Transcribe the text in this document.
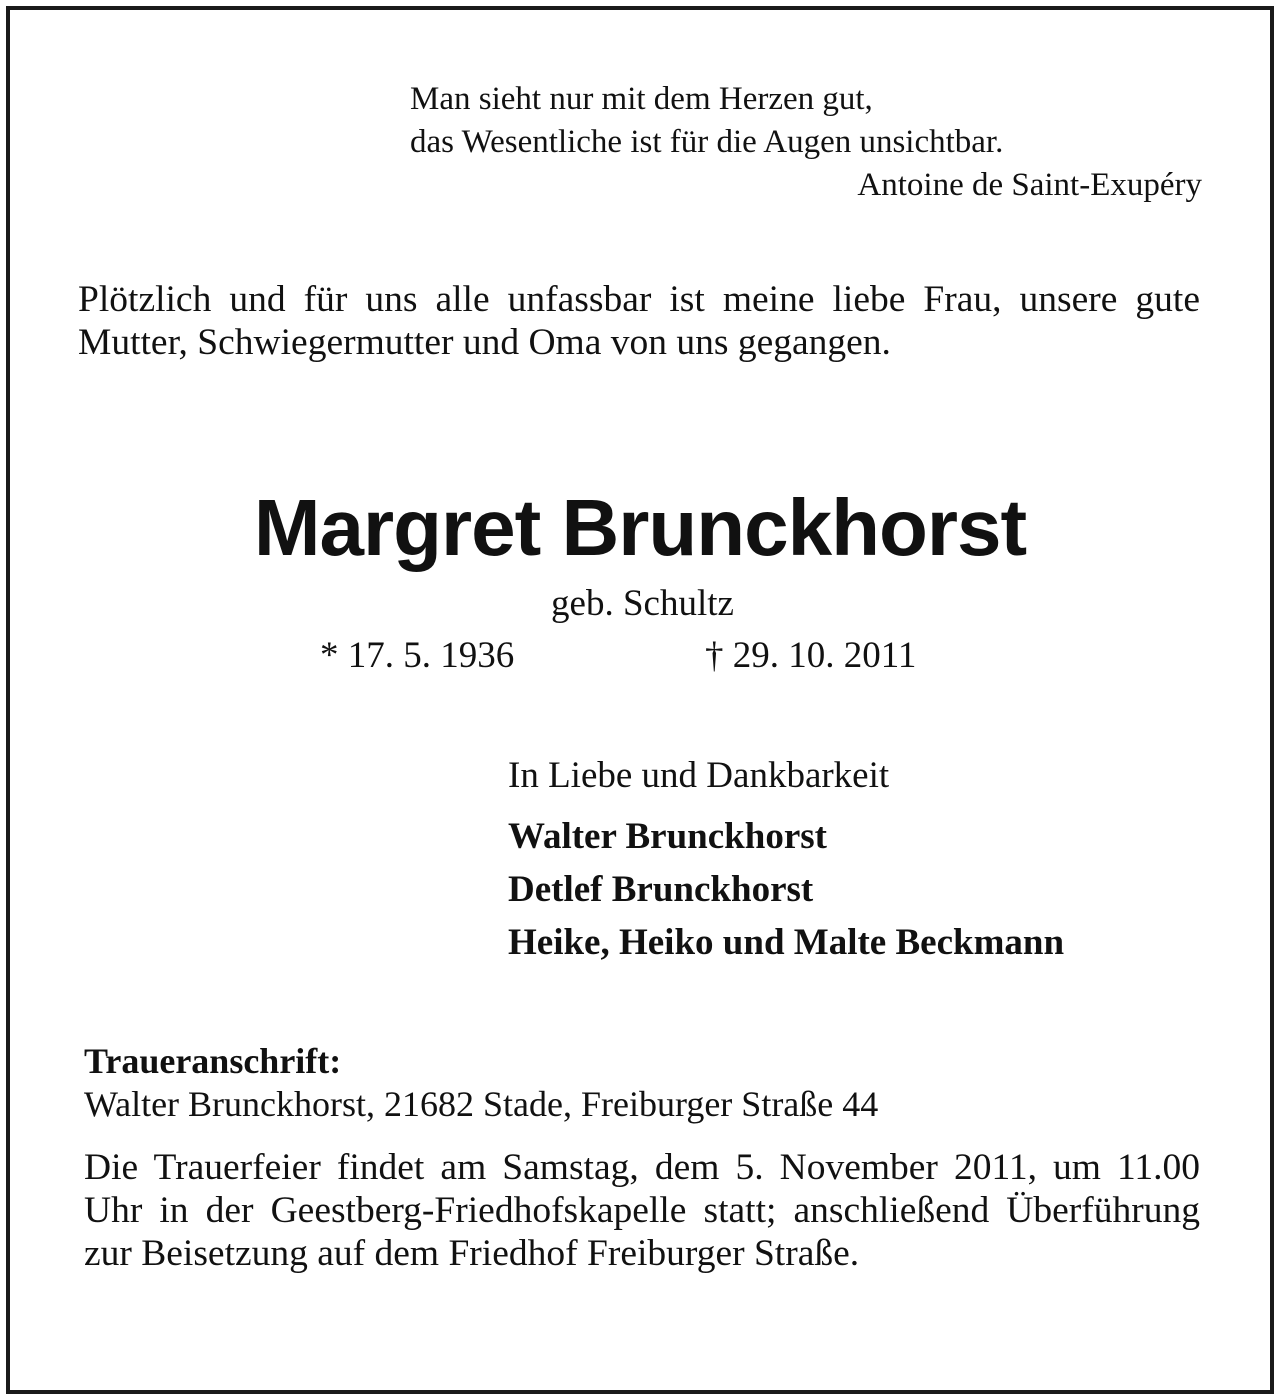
Man sieht nur mit dem Herzen gut,
das Wesentliche ist für die Augen unsichtbar.
Antoine de Saint-Exupéry
Plötzlich und für uns alle unfassbar ist meine liebe Frau, unsere gute Mutter, Schwiegermutter und Oma von uns gegangen.
Margret Brunckhorst
geb. Schultz
* 17. 5. 1936	† 29. 10. 2011
In Liebe und Dankbarkeit
Walter Brunckhorst
Detlef Brunckhorst
Heike, Heiko und Malte Beckmann
Traueranschrift:
Walter Brunckhorst, 21682 Stade, Freiburger Straße 44
Die Trauerfeier findet am Samstag, dem 5. November 2011, um 11.00 Uhr in der Geestberg-Friedhofskapelle statt; anschließend Überführung zur Beisetzung auf dem Friedhof Freiburger Straße.
